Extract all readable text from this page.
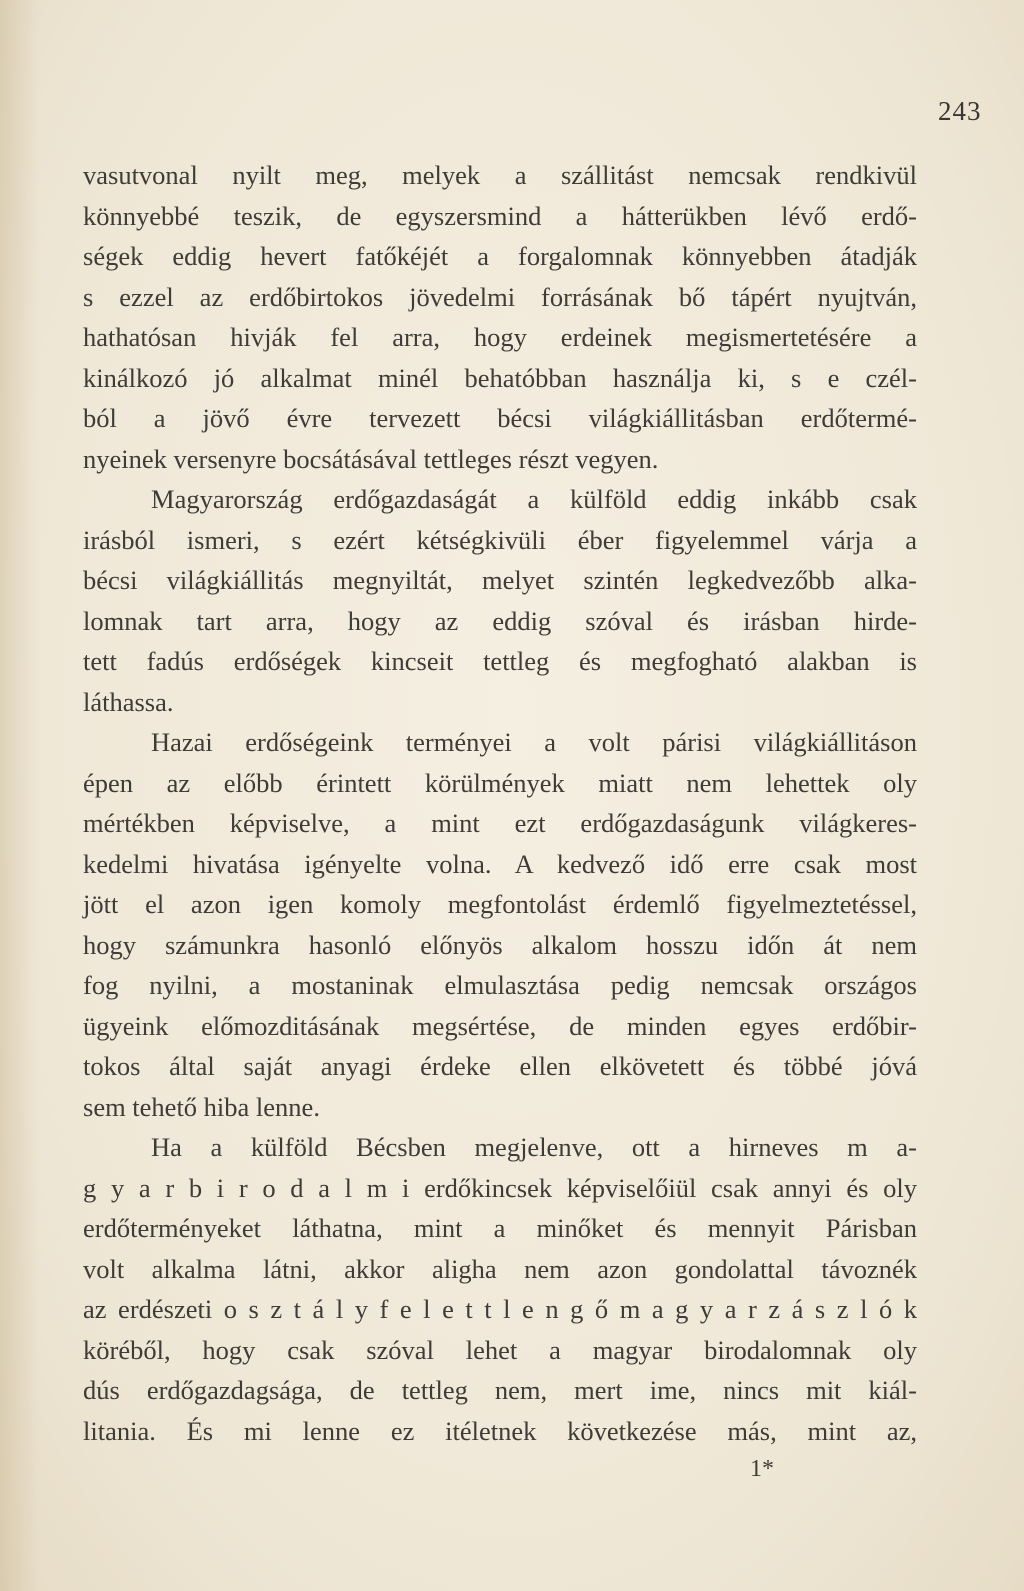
243
vasutvonal nyilt meg, melyek a szállitást nemcsak rendkivül
könnyebbé teszik, de egyszersmind a hátterükben lévő erdő-
ségek eddig hevert fatőkéjét a forgalomnak könnyebben átadják
s ezzel az erdőbirtokos jövedelmi forrásának bő tápért nyujtván,
hathatósan hivják fel arra, hogy erdeinek megismertetésére a
kinálkozó jó alkalmat minél behatóbban használja ki, s e czél-
ból a jövő évre tervezett bécsi világkiállitásban erdőtermé-
nyeinek versenyre bocsátásával tettleges részt vegyen.
Magyarország erdőgazdaságát a külföld eddig inkább csak
irásból ismeri, s ezért kétségkivüli éber figyelemmel várja a
bécsi világkiállitás megnyiltát, melyet szintén legkedvezőbb alka-
lomnak tart arra, hogy az eddig szóval és irásban hirde-
tett fadús erdőségek kincseit tettleg és megfogható alakban is
láthassa.
Hazai erdőségeink terményei a volt párisi világkiállitáson
épen az előbb érintett körülmények miatt nem lehettek oly
mértékben képviselve, a mint ezt erdőgazdaságunk világkeres-
kedelmi hivatása igényelte volna. A kedvező idő erre csak most
jött el azon igen komoly megfontolást érdemlő figyelmeztetéssel,
hogy számunkra hasonló előnyös alkalom hosszu időn át nem
fog nyilni, a mostaninak elmulasztása pedig nemcsak országos
ügyeink előmozditásának megsértése, de minden egyes erdőbir-
tokos által saját anyagi érdeke ellen elkövetett és többé jóvá
sem tehető hiba lenne.
Ha a külföld Bécsben megjelenve, ott a hirneves m a-
g y a r b i r o d a l m i erdőkincsek képviselőiül csak annyi és oly
erdőterményeket láthatna, mint a minőket és mennyit Párisban
volt alkalma látni, akkor aligha nem azon gondolattal távoznék
az erdészeti o s z t á l y f e l e t t l e n g ő m a g y a r z á s z l ó k
köréből, hogy csak szóval lehet a magyar birodalomnak oly
dús erdőgazdagsága, de tettleg nem, mert ime, nincs mit kiál-
litania. És mi lenne ez itéletnek következése más, mint az,
1*
